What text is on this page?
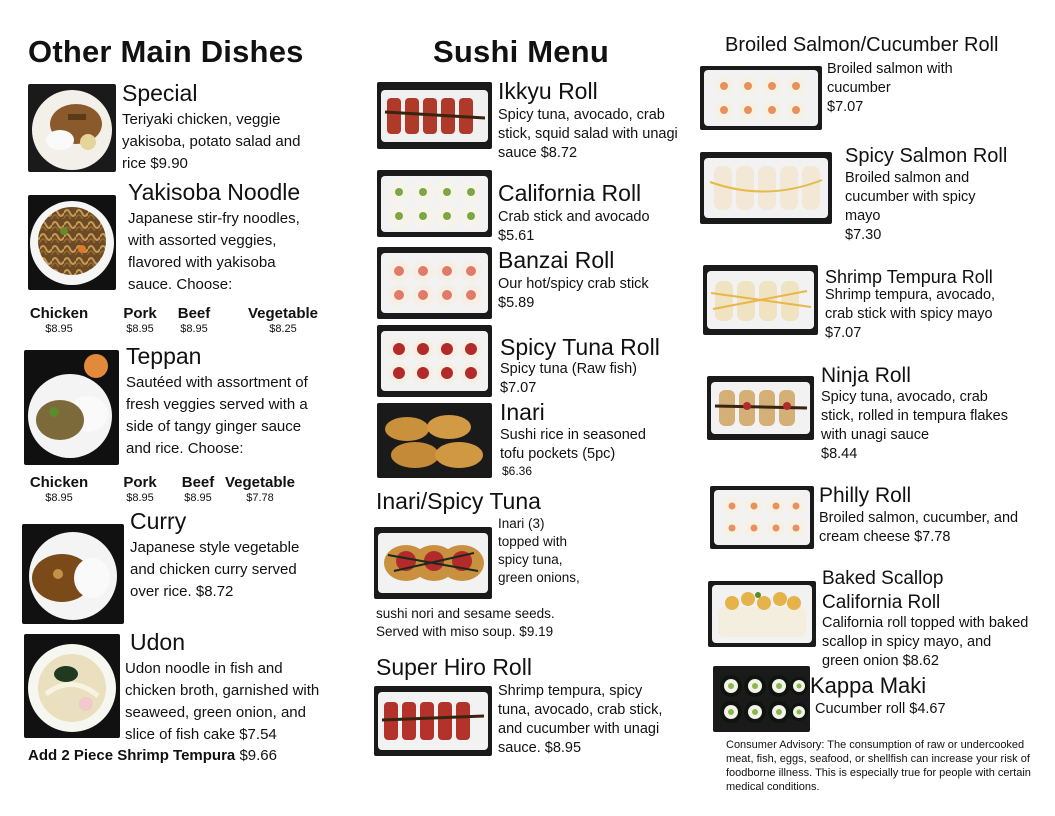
Other Main Dishes
Special
Teriyaki chicken, veggie yakisoba, potato salad and rice $9.90
Yakisoba Noodle
Japanese stir-fry noodles, with assorted veggies, flavored with yakisoba sauce. Choose:
Chicken
$8.95
Pork
$8.95
Beef
$8.95
Vegetable
$8.25
Teppan
Sautéed with assortment of fresh veggies served with a side of tangy ginger sauce and rice. Choose:
Chicken
$8.95
Pork
$8.95
Beef
$8.95
Vegetable
$7.78
Curry
Japanese style vegetable and chicken curry served over rice. $8.72
Udon
Udon noodle in fish and chicken broth, garnished with seaweed, green onion, and slice of fish cake $7.54
Add 2 Piece Shrimp Tempura $9.66
Sushi Menu
Ikkyu Roll
Spicy tuna, avocado, crab stick, squid salad with unagi sauce $8.72
California Roll
Crab stick and avocado
$5.61
Banzai Roll
Our hot/spicy crab stick
$5.89
Spicy Tuna Roll
Spicy tuna (Raw fish)
$7.07
Inari
Sushi rice in seasoned tofu pockets (5pc)
$6.36
Inari/Spicy Tuna
Inari (3) topped with spicy tuna, green onions,
sushi nori and sesame seeds. Served with miso soup. $9.19
Super Hiro Roll
Shrimp tempura, spicy tuna, avocado, crab stick, and cucumber with unagi sauce. $8.95
Broiled Salmon/Cucumber Roll
Broiled salmon with cucumber
$7.07
Spicy Salmon Roll
Broiled salmon and cucumber with spicy mayo
$7.30
Shrimp Tempura Roll
Shrimp tempura, avocado, crab stick with spicy mayo
$7.07
Ninja Roll
Spicy tuna, avocado, crab stick, rolled in tempura flakes with unagi sauce
$8.44
Philly Roll
Broiled salmon, cucumber, and cream cheese $7.78
Baked Scallop California Roll
California roll topped with baked scallop in spicy mayo, and green onion $8.62
Kappa Maki
Cucumber roll $4.67
Consumer Advisory: The consumption of raw or undercooked meat, fish, eggs, seafood, or shellfish can increase your risk of foodborne illness. This is especially true for people with certain medical conditions.
